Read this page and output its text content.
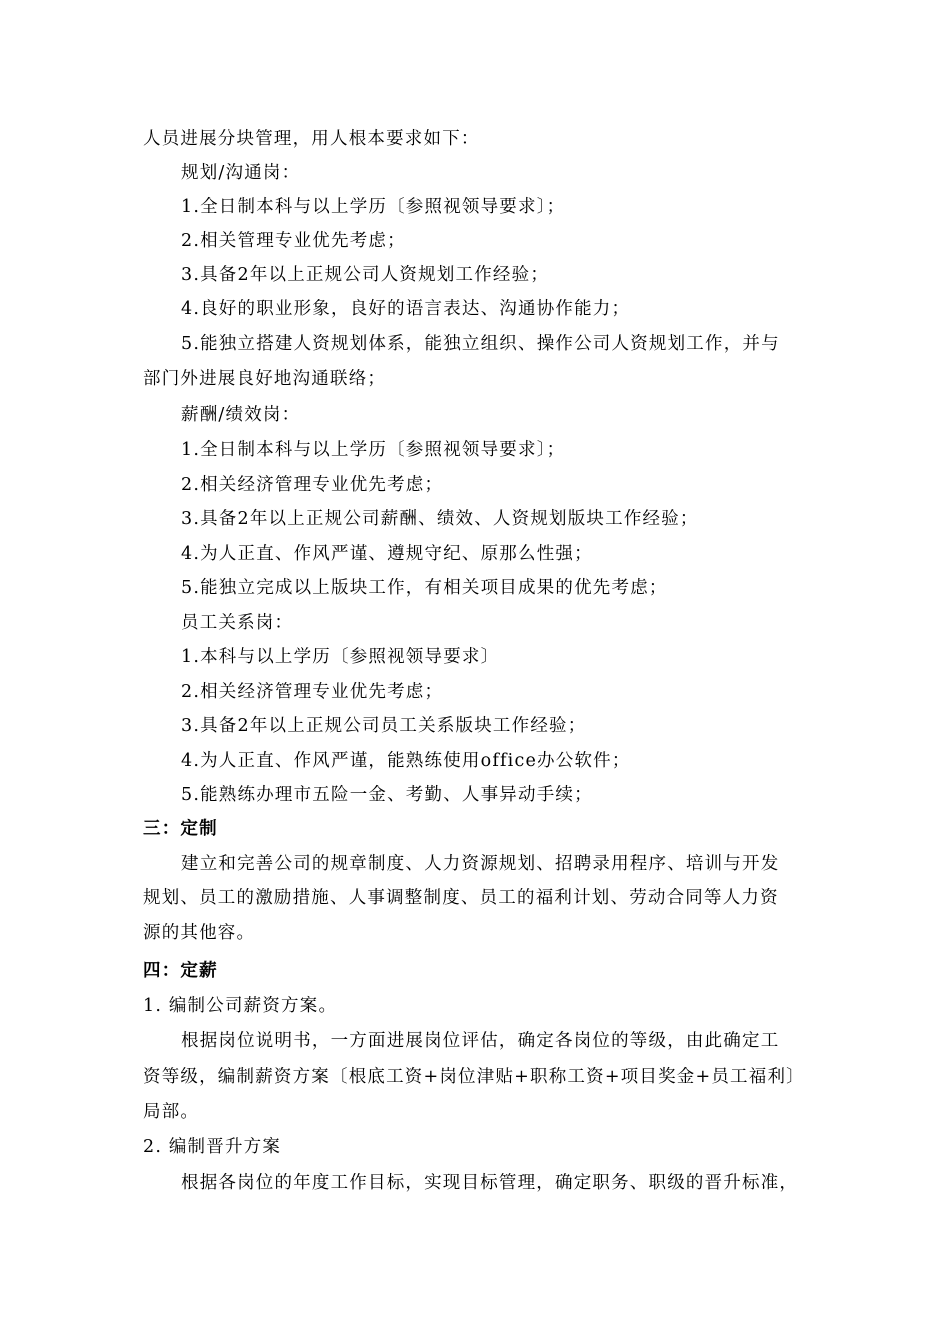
人员进展分块管理，用人根本要求如下：
规划/沟通岗：
1.全日制本科与以上学历〔参照视领导要求〕；
2.相关管理专业优先考虑；
3.具备2年以上正规公司人资规划工作经验；
4.良好的职业形象，良好的语言表达、沟通协作能力；
5.能独立搭建人资规划体系，能独立组织、操作公司人资规划工作，并与
部门外进展良好地沟通联络；
薪酬/绩效岗：
1.全日制本科与以上学历〔参照视领导要求〕；
2.相关经济管理专业优先考虑；
3.具备2年以上正规公司薪酬、绩效、人资规划版块工作经验；
4.为人正直、作风严谨、遵规守纪、原那么性强；
5.能独立完成以上版块工作，有相关项目成果的优先考虑；
员工关系岗：
1.本科与以上学历〔参照视领导要求〕
2.相关经济管理专业优先考虑；
3.具备2年以上正规公司员工关系版块工作经验；
4.为人正直、作风严谨，能熟练使用office办公软件；
5.能熟练办理市五险一金、考勤、人事异动手续；
三：定制
建立和完善公司的规章制度、人力资源规划、招聘录用程序、培训与开发
规划、员工的激励措施、人事调整制度、员工的福利计划、劳动合同等人力资
源的其他容。
四：定薪
1. 编制公司薪资方案。
根据岗位说明书，一方面进展岗位评估，确定各岗位的等级，由此确定工
资等级，编制薪资方案〔根底工资+岗位津贴+职称工资+项目奖金+员工福利〕
局部。
2. 编制晋升方案
根据各岗位的年度工作目标，实现目标管理，确定职务、职级的晋升标准，
